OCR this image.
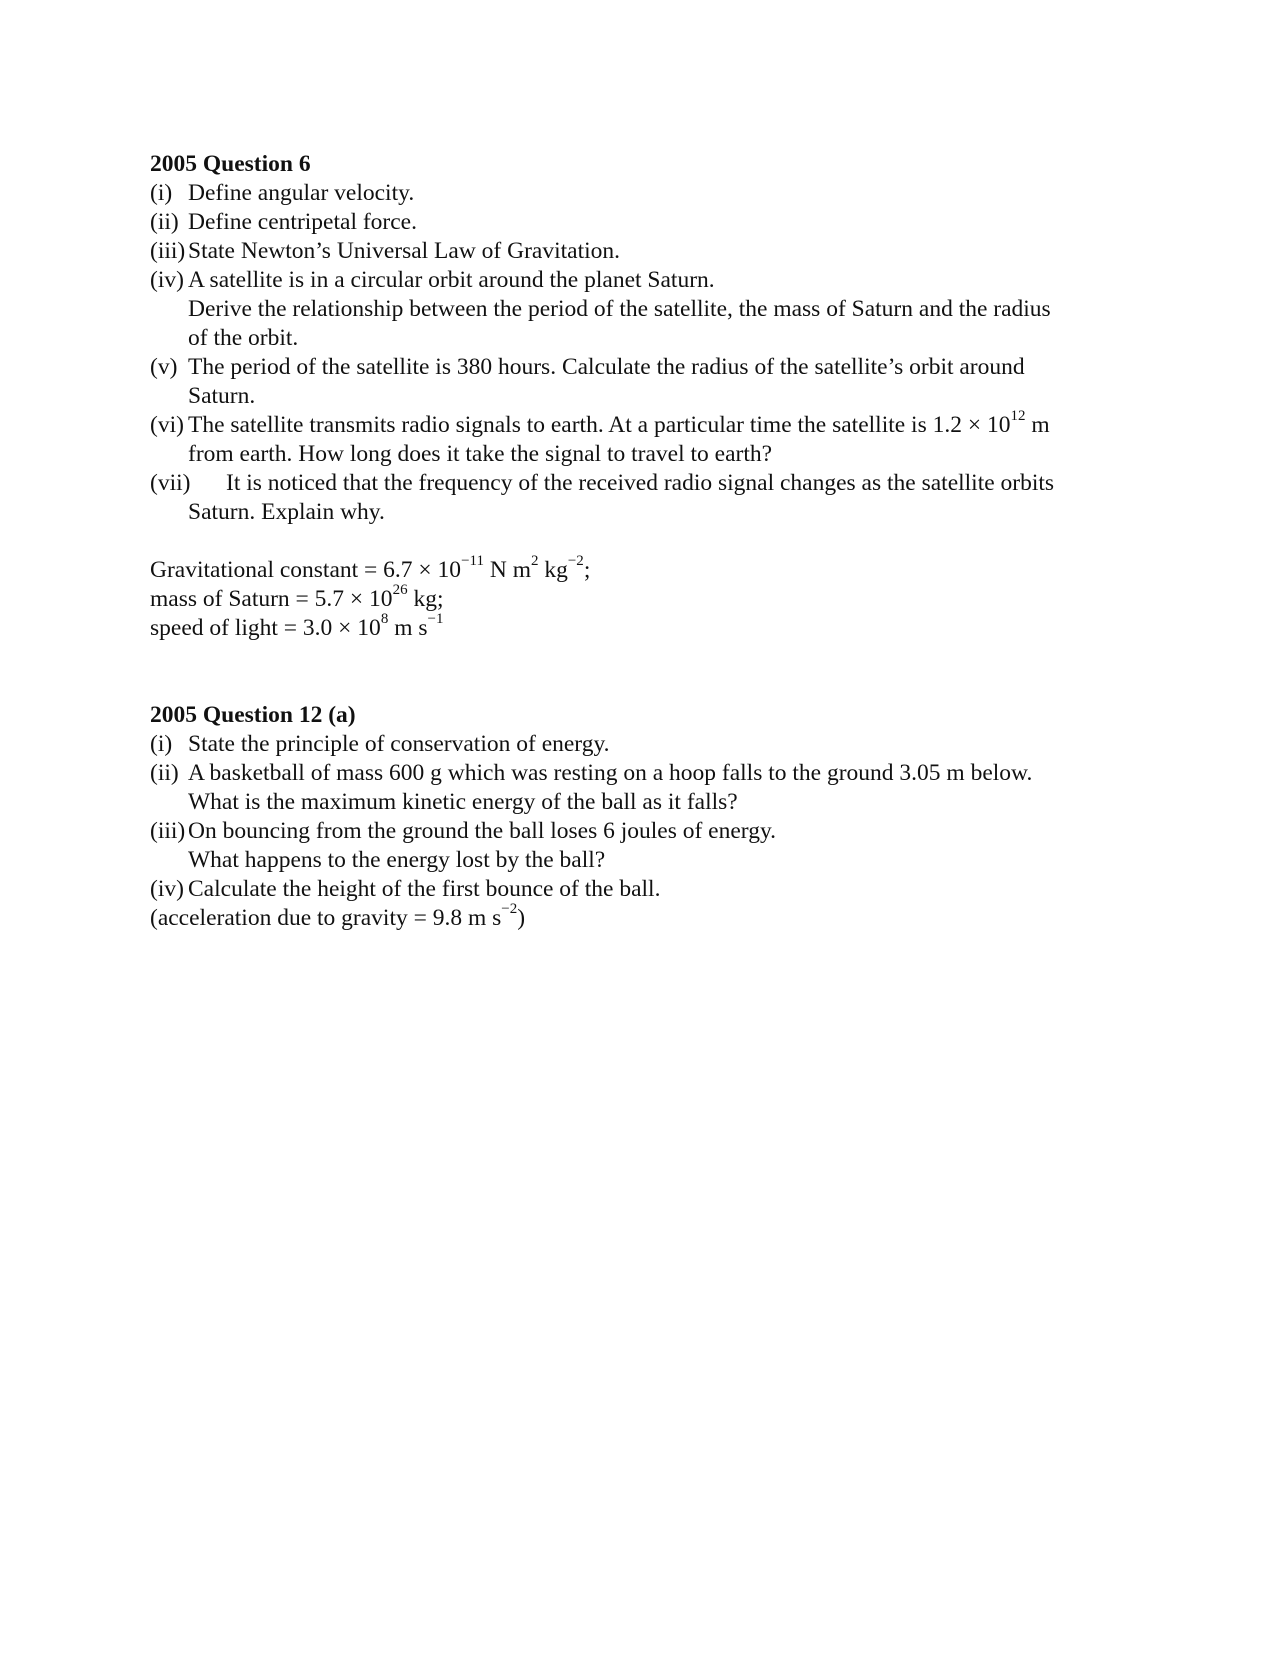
2005 Question 6

(i) Define angular velocity.
(ii) Define centripetal force.
(iii) State Newton’s Universal Law of Gravitation.
(iv) A satellite is in a circular orbit around the planet Saturn.
Derive the relationship between the period of the satellite, the mass of Saturn and the radius
of the orbit.
(v) The period of the satellite is 380 hours. Calculate the radius of the satellite’s orbit around
Saturn.
(vi) The satellite transmits radio signals to earth. At a particular time the satellite is $1.2 \times 10^{12}$ m
from earth. How long does it take the signal to travel to earth?
(vii)	It is noticed that the frequency of the received radio signal changes as the satellite orbits
Saturn. Explain why.
Gravitational constant = $6.7 \times 10^{-11}$ N $m^2$ $kg^{-2}$;
mass of Saturn = $5.7 \times 10^{26}$ kg;
speed of light = $3.0 \times 10^8$ m $s^{-1}$

2005 Question 12 (a)

(i) State the principle of conservation of energy.
(ii) A basketball of mass 600 g which was resting on a hoop falls to the ground 3.05 m below.
What is the maximum kinetic energy of the ball as it falls?
(iii) On bouncing from the ground the ball loses 6 joules of energy.
What happens to the energy lost by the ball?
(iv) Calculate the height of the first bounce of the ball.
(acceleration due to gravity = 9.8 m $s^{-2}$)
